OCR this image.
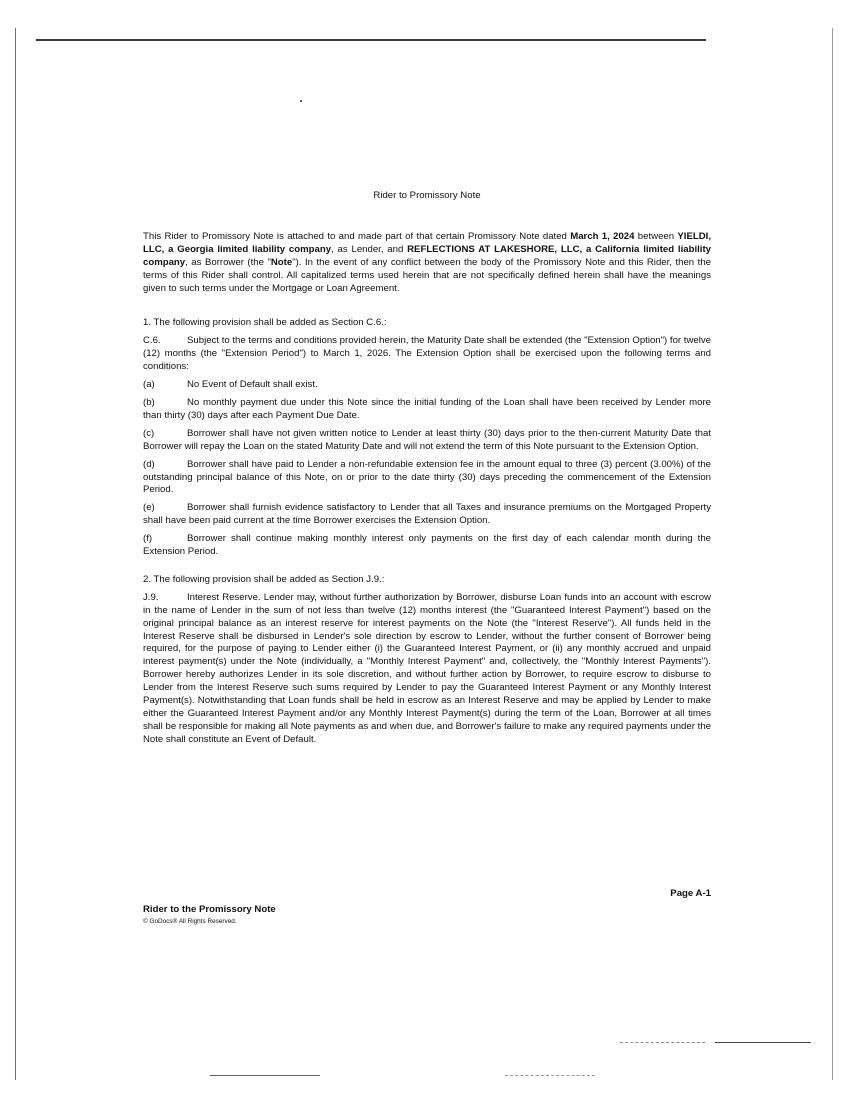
Rider to Promissory Note

This Rider to Promissory Note is attached to and made part of that certain Promissory Note dated March 1, 2024 between YIELDI, LLC, a Georgia limited liability company, as Lender, and REFLECTIONS AT LAKESHORE, LLC, a California limited liability company, as Borrower (the "Note"). In the event of any conflict between the body of the Promissory Note and this Rider, then the terms of this Rider shall control. All capitalized terms used herein that are not specifically defined herein shall have the meanings given to such terms under the Mortgage or Loan Agreement.

1. The following provision shall be added as Section C.6.:

C.6.	Subject to the terms and conditions provided herein, the Maturity Date shall be extended (the "Extension Option") for twelve (12) months (the "Extension Period") to March 1, 2026. The Extension Option shall be exercised upon the following terms and conditions:

(a)	No Event of Default shall exist.

(b)	No monthly payment due under this Note since the initial funding of the Loan shall have been received by Lender more than thirty (30) days after each Payment Due Date.

(c)	Borrower shall have not given written notice to Lender at least thirty (30) days prior to the then-current Maturity Date that Borrower will repay the Loan on the stated Maturity Date and will not extend the term of this Note pursuant to the Extension Option.

(d)	Borrower shall have paid to Lender a non-refundable extension fee in the amount equal to three (3) percent (3.00%) of the outstanding principal balance of this Note, on or prior to the date thirty (30) days preceding the commencement of the Extension Period.

(e)	Borrower shall furnish evidence satisfactory to Lender that all Taxes and insurance premiums on the Mortgaged Property shall have been paid current at the time Borrower exercises the Extension Option.

(f)	Borrower shall continue making monthly interest only payments on the first day of each calendar month during the Extension Period.

2. The following provision shall be added as Section J.9.:

J.9.	Interest Reserve. Lender may, without further authorization by Borrower, disburse Loan funds into an account with escrow in the name of Lender in the sum of not less than twelve (12) months interest (the "Guaranteed Interest Payment") based on the original principal balance as an interest reserve for interest payments on the Note (the "Interest Reserve"). All funds held in the Interest Reserve shall be disbursed in Lender's sole direction by escrow to Lender, without the further consent of Borrower being required, for the purpose of paying to Lender either (i) the Guaranteed Interest Payment, or (ii) any monthly accrued and unpaid interest payment(s) under the Note (individually, a "Monthly Interest Payment" and, collectively, the "Monthly Interest Payments"). Borrower hereby authorizes Lender in its sole discretion, and without further action by Borrower, to require escrow to disburse to Lender from the Interest Reserve such sums required by Lender to pay the Guaranteed Interest Payment or any Monthly Interest Payment(s). Notwithstanding that Loan funds shall be held in escrow as an Interest Reserve and may be applied by Lender to make either the Guaranteed Interest Payment and/or any Monthly Interest Payment(s) during the term of the Loan, Borrower at all times shall be responsible for making all Note payments as and when due, and Borrower's failure to make any required payments under the Note shall constitute an Event of Default.

Page A-1
Rider to the Promissory Note
© GoDocs® All Rights Reserved.
